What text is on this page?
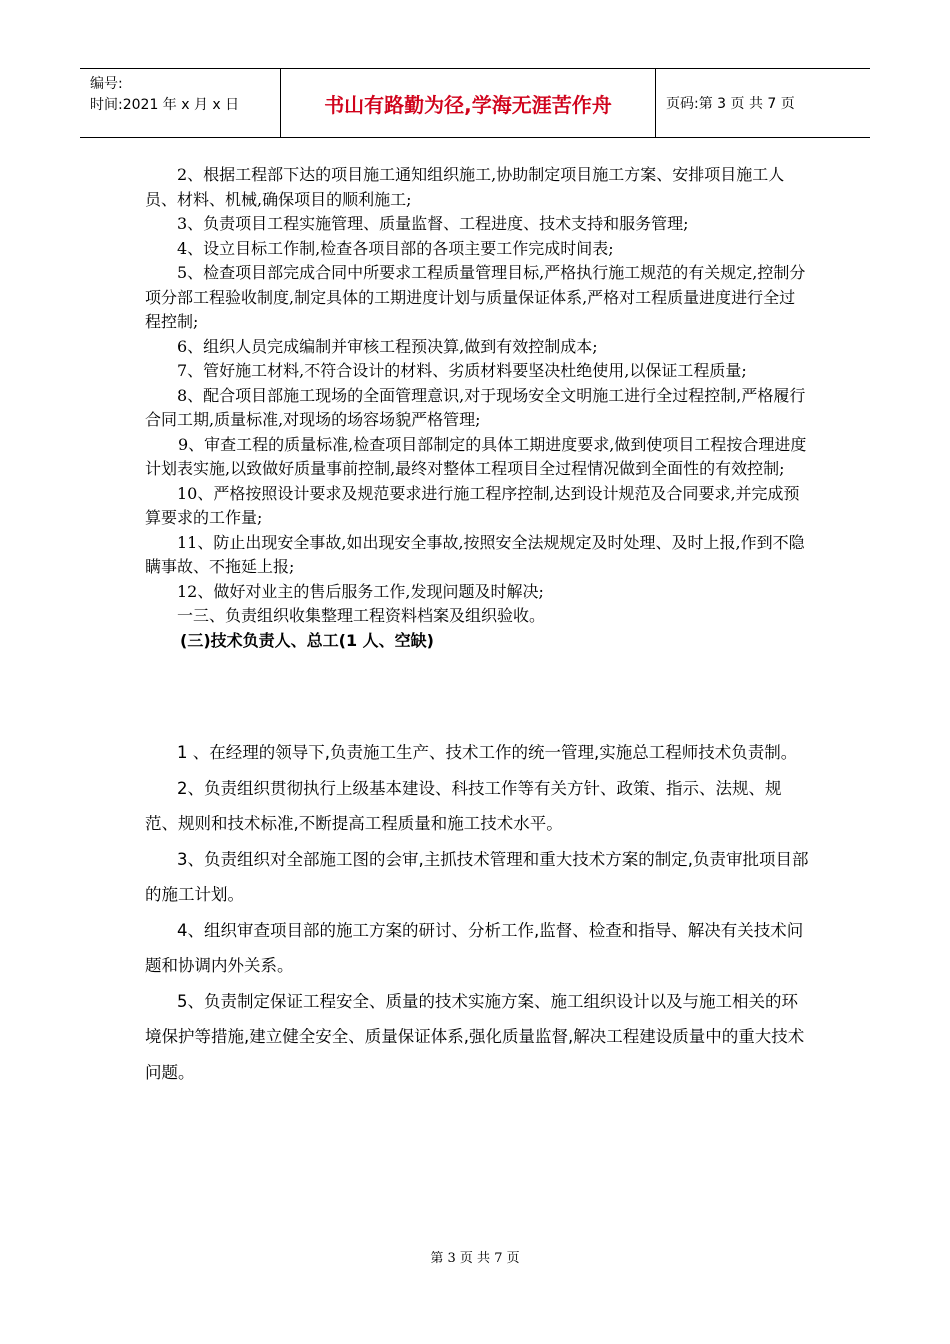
编号:
时间:2021 年 x 月 x 日	书山有路勤为径,学海无涯苦作舟	页码:第 3 页 共 7 页

2、根据工程部下达的项目施工通知组织施工,协助制定项目施工方案、安排项目施工人员、材料、机械,确保项目的顺利施工;

3、负责项目工程实施管理、质量监督、工程进度、技术支持和服务管理;

4、设立目标工作制,检查各项目部的各项主要工作完成时间表;

5、检查项目部完成合同中所要求工程质量管理目标,严格执行施工规范的有关规定,控制分项分部工程验收制度,制定具体的工期进度计划与质量保证体系,严格对工程质量进度进行全过程控制;

6、组织人员完成编制并审核工程预决算,做到有效控制成本;

7、管好施工材料,不符合设计的材料、劣质材料要坚决杜绝使用,以保证工程质量;

8、配合项目部施工现场的全面管理意识,对于现场安全文明施工进行全过程控制,严格履行合同工期,质量标准,对现场的场容场貌严格管理;

9、审查工程的质量标准,检查项目部制定的具体工期进度要求,做到使项目工程按合理进度计划表实施,以致做好质量事前控制,最终对整体工程项目全过程情况做到全面性的有效控制;

10、严格按照设计要求及规范要求进行施工程序控制,达到设计规范及合同要求,并完成预算要求的工作量;

11、防止出现安全事故,如出现安全事故,按照安全法规规定及时处理、及时上报,作到不隐瞒事故、不拖延上报;

12、做好对业主的售后服务工作,发现问题及时解决;

一三、负责组织收集整理工程资料档案及组织验收。

(三)技术负责人、总工(1 人、空缺)

1 、在经理的领导下,负责施工生产、技术工作的统一管理,实施总工程师技术负责制。

2、负责组织贯彻执行上级基本建设、科技工作等有关方针、政策、指示、法规、规范、规则和技术标准,不断提高工程质量和施工技术水平。

3、负责组织对全部施工图的会审,主抓技术管理和重大技术方案的制定,负责审批项目部的施工计划。

4、组织审查项目部的施工方案的研讨、分析工作,监督、检查和指导、解决有关技术问题和协调内外关系。

5、负责制定保证工程安全、质量的技术实施方案、施工组织设计以及与施工相关的环境保护等措施,建立健全安全、质量保证体系,强化质量监督,解决工程建设质量中的重大技术问题。

第 3 页 共 7 页
